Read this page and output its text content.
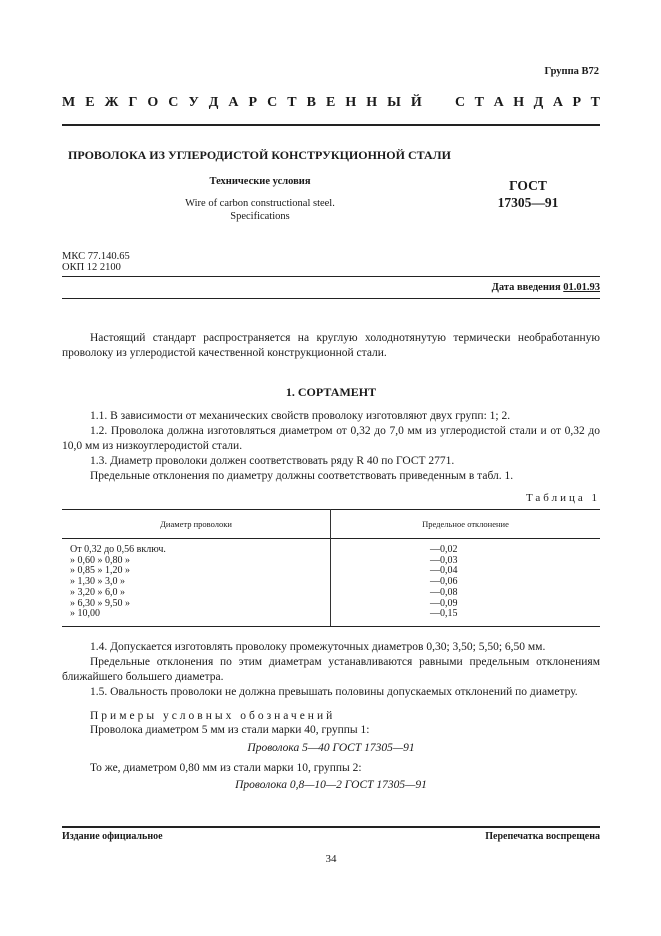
Группа В72
М Е Ж Г О С У Д А Р С Т В Е Н Н Ы Й С Т А Н Д А Р Т
ПРОВОЛОКА ИЗ УГЛЕРОДИСТОЙ КОНСТРУКЦИОННОЙ СТАЛИ
Технические условия
Wire of carbon constructional steel.
Specifications
ГОСТ
17305—91
МКС 77.140.65
ОКП 12 2100
Дата введения 01.01.93
Настоящий стандарт распространяется на круглую холоднотянутую термически необработанную проволоку из углеродистой качественной конструкционной стали.
1. СОРТАМЕНТ
1.1. В зависимости от механических свойств проволоку изготовляют двух групп: 1; 2.
1.2. Проволока должна изготовляться диаметром от 0,32 до 7,0 мм из углеродистой стали и от 0,32 до 10,0 мм из низкоуглеродистой стали.
1.3. Диаметр проволоки должен соответствовать ряду R 40 по ГОСТ 2771.
Предельные отклонения по диаметру должны соответствовать приведенным в табл. 1.
Таблица 1
Диаметр проволоки	Предельное отклонение
От 0,32 до 0,56 включ.
» 0,60 » 0,80 »
» 0,85 » 1,20 »
» 1,30 » 3,0 »
» 3,20 » 6,0 »
» 6,30 » 9,50 »
» 10,00
—0,02
—0,03
—0,04
—0,06
—0,08
—0,09
—0,15
1.4. Допускается изготовлять проволоку промежуточных диаметров 0,30; 3,50; 5,50; 6,50 мм.
Предельные отклонения по этим диаметрам устанавливаются равными предельным отклонениям ближайшего большего диаметра.
1.5. Овальность проволоки не должна превышать половины допускаемых отклонений по диаметру.
Примеры условных обозначений
Проволока диаметром 5 мм из стали марки 40, группы 1:
Проволока 5—40 ГОСТ 17305—91
То же, диаметром 0,80 мм из стали марки 10, группы 2:
Проволока 0,8—10—2 ГОСТ 17305—91
Издание официальное	Перепечатка воспрещена
34
